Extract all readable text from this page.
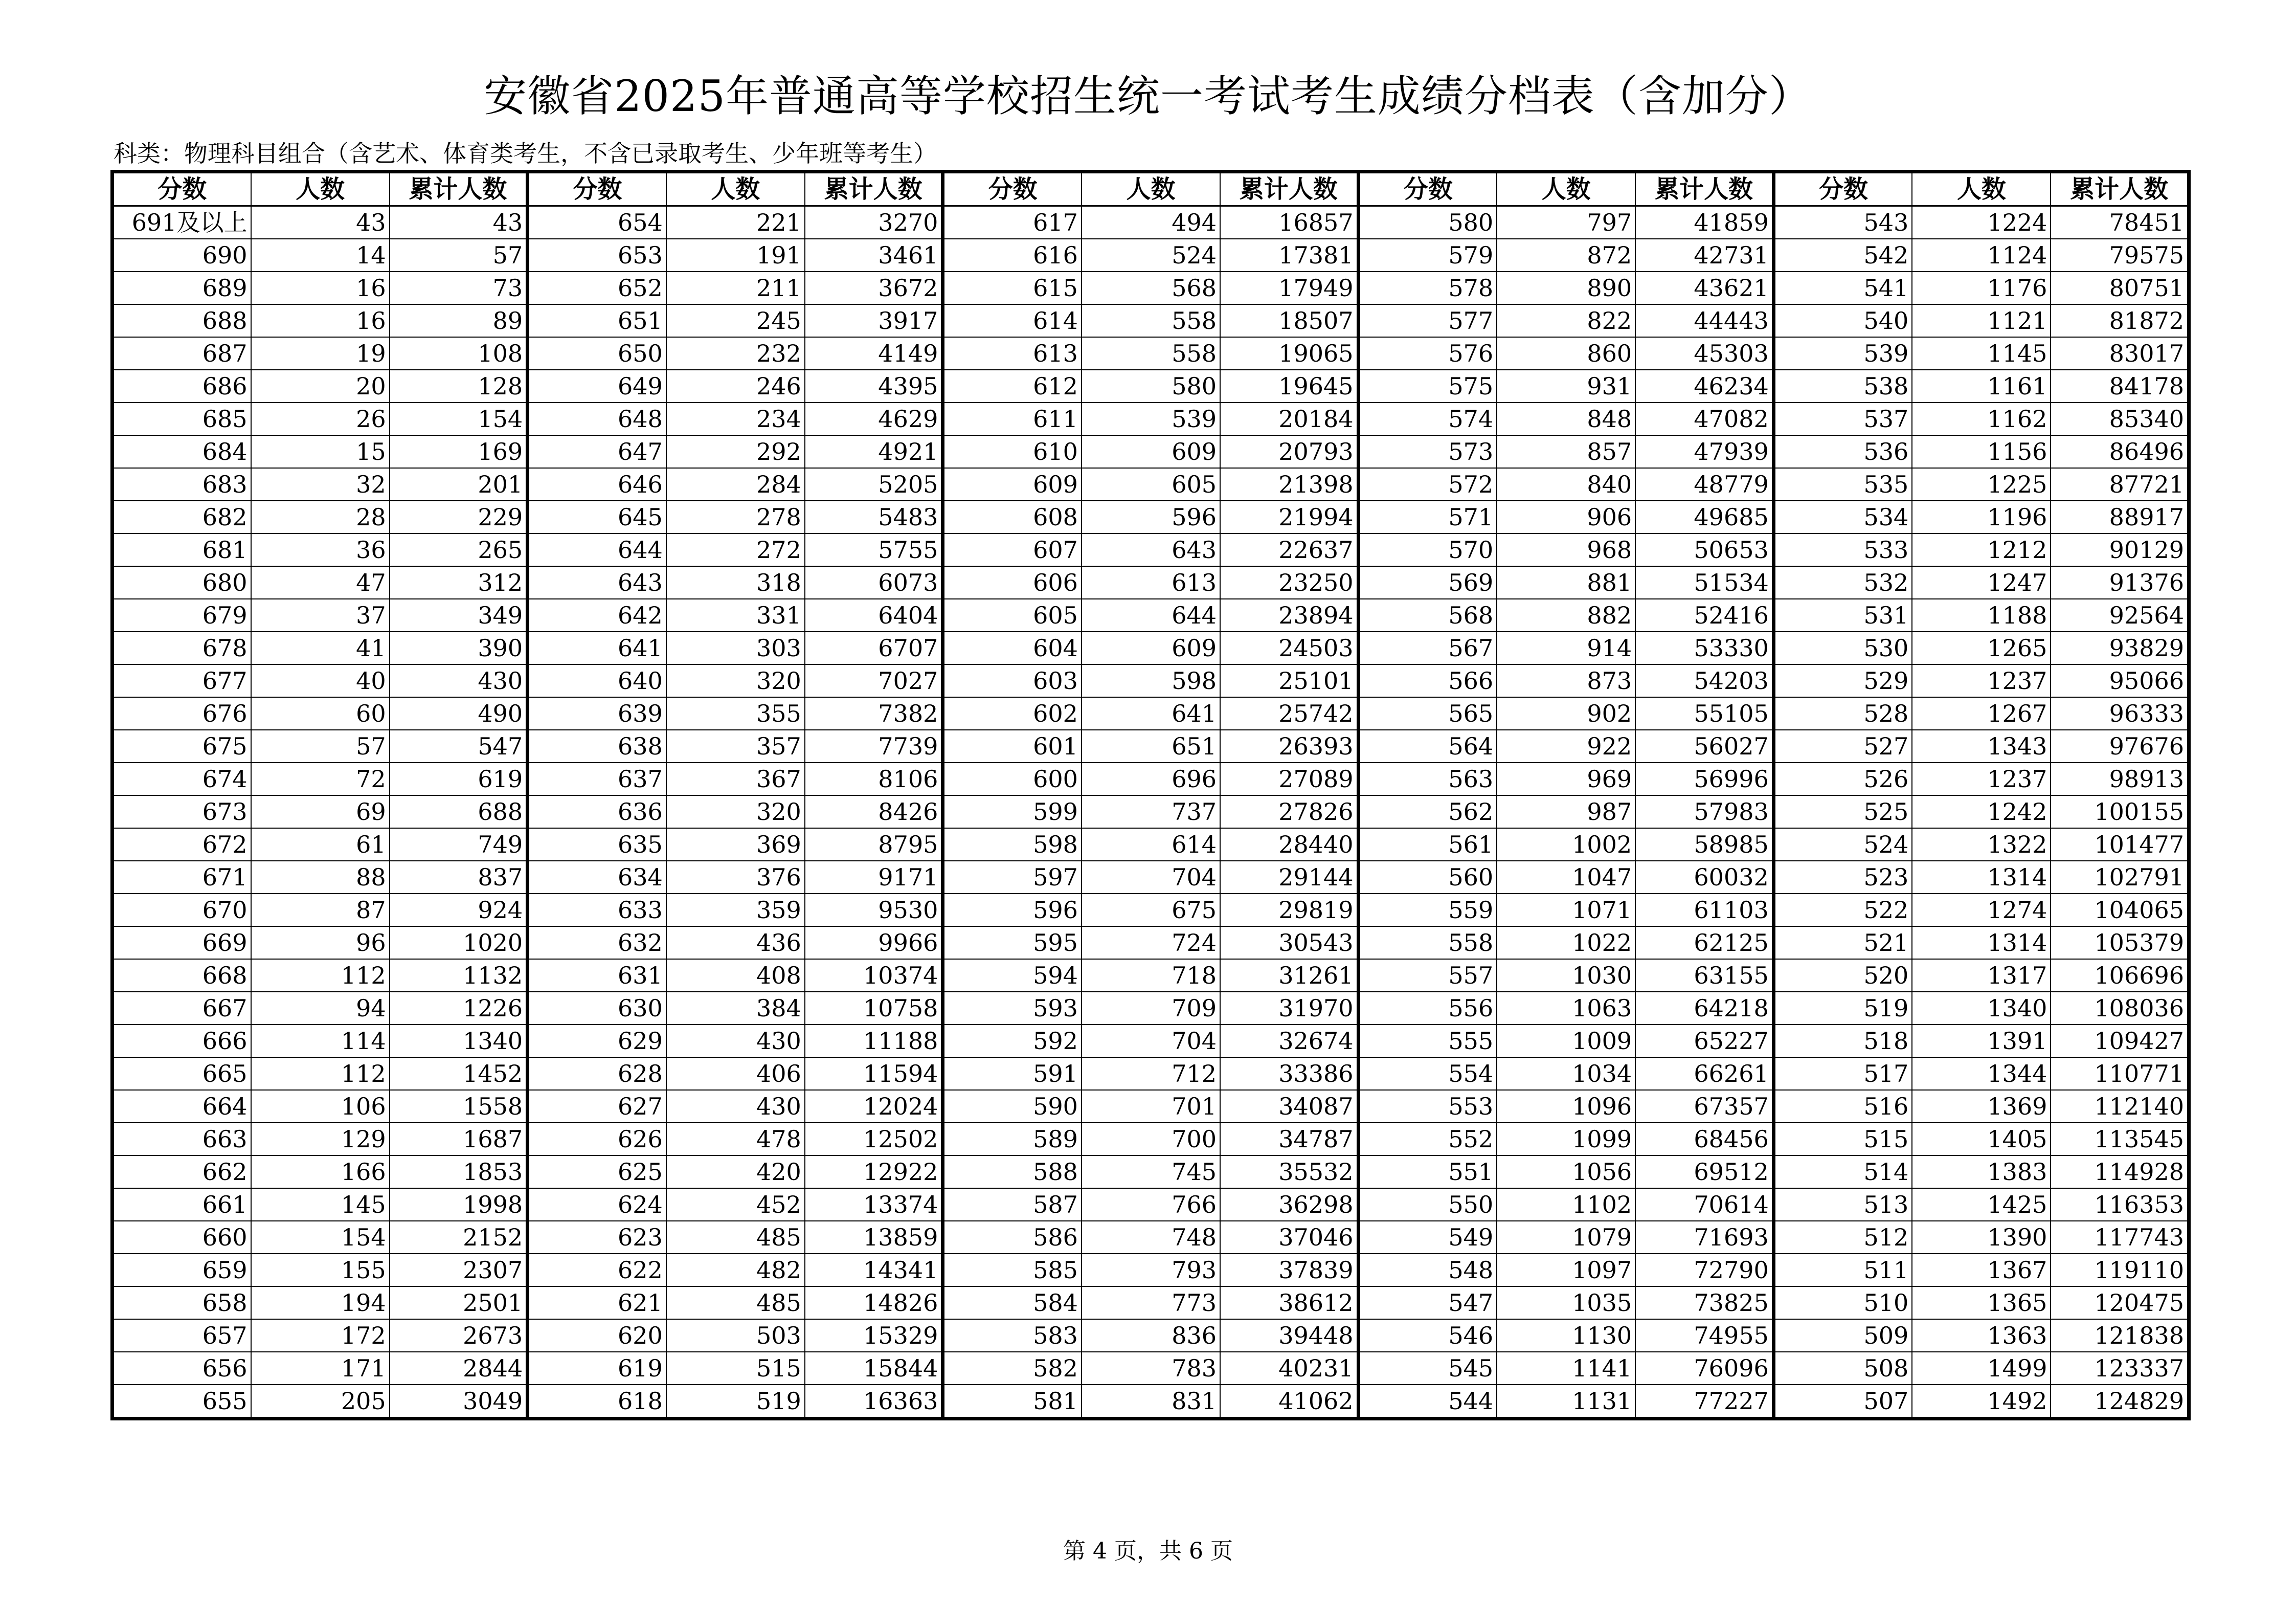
安徽省2025年普通高等学校招生统一考试考生成绩分档表（含加分）
科类：物理科目组合（含艺术、体育类考生，不含已录取考生、少年班等考生）
分数	人数	累计人数	分数	人数	累计人数	分数	人数	累计人数	分数	人数	累计人数	分数	人数	累计人数
691及以上	43	43	654	221	3270	617	494	16857	580	797	41859	543	1224	78451
690	14	57	653	191	3461	616	524	17381	579	872	42731	542	1124	79575
689	16	73	652	211	3672	615	568	17949	578	890	43621	541	1176	80751
688	16	89	651	245	3917	614	558	18507	577	822	44443	540	1121	81872
687	19	108	650	232	4149	613	558	19065	576	860	45303	539	1145	83017
686	20	128	649	246	4395	612	580	19645	575	931	46234	538	1161	84178
685	26	154	648	234	4629	611	539	20184	574	848	47082	537	1162	85340
684	15	169	647	292	4921	610	609	20793	573	857	47939	536	1156	86496
683	32	201	646	284	5205	609	605	21398	572	840	48779	535	1225	87721
682	28	229	645	278	5483	608	596	21994	571	906	49685	534	1196	88917
681	36	265	644	272	5755	607	643	22637	570	968	50653	533	1212	90129
680	47	312	643	318	6073	606	613	23250	569	881	51534	532	1247	91376
679	37	349	642	331	6404	605	644	23894	568	882	52416	531	1188	92564
678	41	390	641	303	6707	604	609	24503	567	914	53330	530	1265	93829
677	40	430	640	320	7027	603	598	25101	566	873	54203	529	1237	95066
676	60	490	639	355	7382	602	641	25742	565	902	55105	528	1267	96333
675	57	547	638	357	7739	601	651	26393	564	922	56027	527	1343	97676
674	72	619	637	367	8106	600	696	27089	563	969	56996	526	1237	98913
673	69	688	636	320	8426	599	737	27826	562	987	57983	525	1242	100155
672	61	749	635	369	8795	598	614	28440	561	1002	58985	524	1322	101477
671	88	837	634	376	9171	597	704	29144	560	1047	60032	523	1314	102791
670	87	924	633	359	9530	596	675	29819	559	1071	61103	522	1274	104065
669	96	1020	632	436	9966	595	724	30543	558	1022	62125	521	1314	105379
668	112	1132	631	408	10374	594	718	31261	557	1030	63155	520	1317	106696
667	94	1226	630	384	10758	593	709	31970	556	1063	64218	519	1340	108036
666	114	1340	629	430	11188	592	704	32674	555	1009	65227	518	1391	109427
665	112	1452	628	406	11594	591	712	33386	554	1034	66261	517	1344	110771
664	106	1558	627	430	12024	590	701	34087	553	1096	67357	516	1369	112140
663	129	1687	626	478	12502	589	700	34787	552	1099	68456	515	1405	113545
662	166	1853	625	420	12922	588	745	35532	551	1056	69512	514	1383	114928
661	145	1998	624	452	13374	587	766	36298	550	1102	70614	513	1425	116353
660	154	2152	623	485	13859	586	748	37046	549	1079	71693	512	1390	117743
659	155	2307	622	482	14341	585	793	37839	548	1097	72790	511	1367	119110
658	194	2501	621	485	14826	584	773	38612	547	1035	73825	510	1365	120475
657	172	2673	620	503	15329	583	836	39448	546	1130	74955	509	1363	121838
656	171	2844	619	515	15844	582	783	40231	545	1141	76096	508	1499	123337
655	205	3049	618	519	16363	581	831	41062	544	1131	77227	507	1492	124829
第 4 页，共 6 页
